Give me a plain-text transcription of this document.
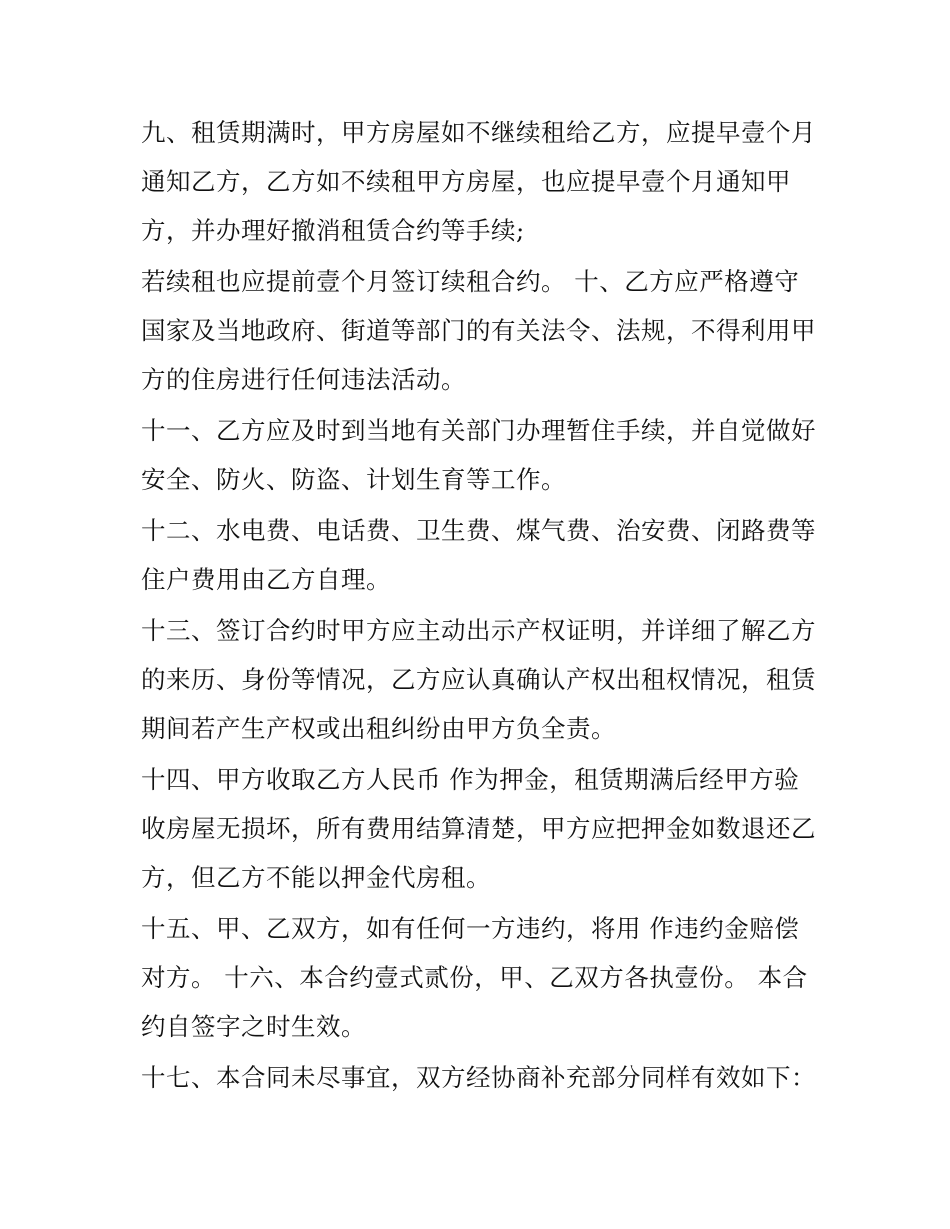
九、租赁期满时，甲方房屋如不继续租给乙方，应提早壹个月
通知乙方，乙方如不续租甲方房屋，也应提早壹个月通知甲
方，并办理好撤消租赁合约等手续;
若续租也应提前壹个月签订续租合约。 十、乙方应严格遵守
国家及当地政府、街道等部门的有关法令、法规，不得利用甲
方的住房进行任何违法活动。
十一、乙方应及时到当地有关部门办理暂住手续，并自觉做好
安全、防火、防盗、计划生育等工作。
十二、水电费、电话费、卫生费、煤气费、治安费、闭路费等
住户费用由乙方自理。
十三、签订合约时甲方应主动出示产权证明，并详细了解乙方
的来历、身份等情况，乙方应认真确认产权出租权情况，租赁
期间若产生产权或出租纠纷由甲方负全责。
十四、甲方收取乙方人民币 作为押金，租赁期满后经甲方验
收房屋无损坏，所有费用结算清楚，甲方应把押金如数退还乙
方，但乙方不能以押金代房租。
十五、甲、乙双方，如有任何一方违约，将用 作违约金赔偿
对方。 十六、本合约壹式贰份，甲、乙双方各执壹份。 本合
约自签字之时生效。
十七、本合同未尽事宜，双方经协商补充部分同样有效如下：
